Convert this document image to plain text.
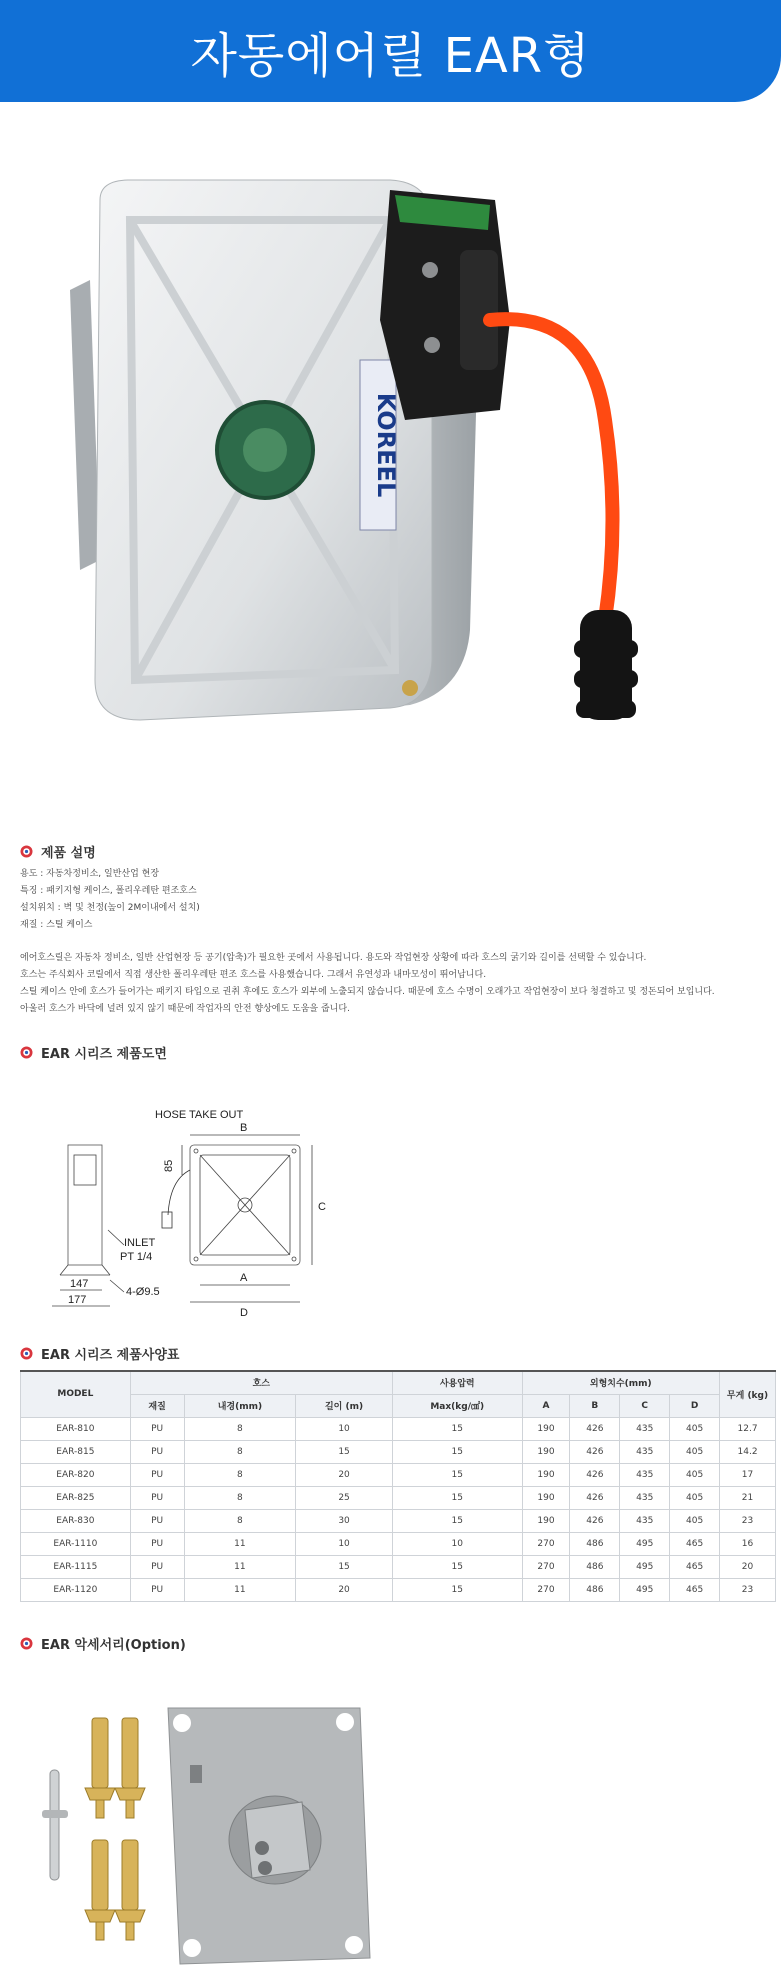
자동에어릴 EAR형
KOREEL
제품 설명
용도 : 자동차정비소, 일반산업 현장
특징 : 패키지형 케이스, 폴리우레탄 편조호스
설치위치 : 벽 및 천정(높이 2M이내에서 설치)
재질 : 스틸 케이스
에어호스릴은 자동차 정비소, 일반 산업현장 등 공기(압축)가 필요한 곳에서 사용됩니다. 용도와 작업현장 상황에 따라 호스의 굵기와 길이를 선택할 수 있습니다.
호스는 주식회사 코릴에서 직접 생산한 폴리우레탄 편조 호스를 사용했습니다. 그래서 유연성과 내마모성이 뛰어납니다.
스틸 케이스 안에 호스가 들어가는 패키지 타입으로 권취 후에도 호스가 외부에 노출되지 않습니다. 때문에 호스 수명이 오래가고 작업현장이 보다 청결하고 및 정돈되어 보입니다.
아울러 호스가 바닥에 널려 있지 않기 때문에 작업자의 안전 향상에도 도움을 줍니다.
EAR 시리즈 제품도면
HOSE TAKE OUT
B
C
A
D
85
INLET
PT 1/4
4-Ø9.5
147
177
EAR 시리즈 제품사양표
MODEL	호스			사용압력	외형치수(mm)				무게 (kg)
	재질	내경(mm)	길이 (m)	Max(kg/㎠)	A	B	C	D	
EAR-810	PU	8	10	15	190	426	435	405	12.7
EAR-815	PU	8	15	15	190	426	435	405	14.2
EAR-820	PU	8	20	15	190	426	435	405	17
EAR-825	PU	8	25	15	190	426	435	405	21
EAR-830	PU	8	30	15	190	426	435	405	23
EAR-1110	PU	11	10	10	270	486	495	465	16
EAR-1115	PU	11	15	15	270	486	495	465	20
EAR-1120	PU	11	20	15	270	486	495	465	23
EAR 악세서리(Option)
